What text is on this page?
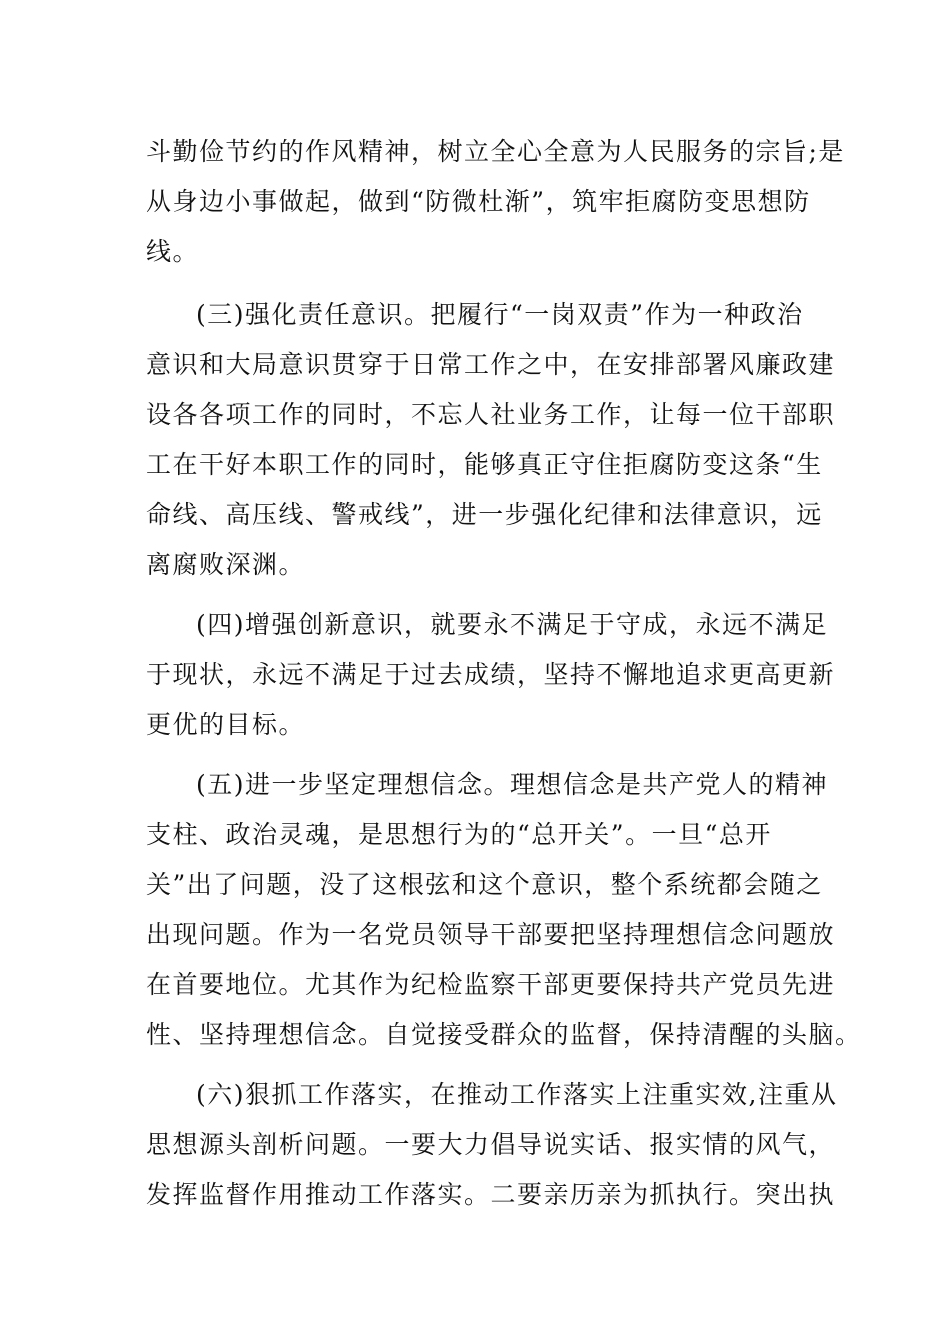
斗勤俭节约的作风精神，树立全心全意为人民服务的宗旨;是
从身边小事做起，做到“防微杜渐”，筑牢拒腐防变思想防
线。
(三)强化责任意识。把履行“一岗双责”作为一种政治
意识和大局意识贯穿于日常工作之中，在安排部署风廉政建
设各各项工作的同时，不忘人社业务工作，让每一位干部职
工在干好本职工作的同时，能够真正守住拒腐防变这条“生
命线、高压线、警戒线”，进一步强化纪律和法律意识，远
离腐败深渊。
(四)增强创新意识，就要永不满足于守成，永远不满足
于现状，永远不满足于过去成绩，坚持不懈地追求更高更新
更优的目标。
(五)进一步坚定理想信念。理想信念是共产党人的精神
支柱、政治灵魂，是思想行为的“总开关”。一旦“总开
关”出了问题，没了这根弦和这个意识，整个系统都会随之
出现问题。作为一名党员领导干部要把坚持理想信念问题放
在首要地位。尤其作为纪检监察干部更要保持共产党员先进
性、坚持理想信念。自觉接受群众的监督，保持清醒的头脑。
(六)狠抓工作落实，在推动工作落实上注重实效,注重从
思想源头剖析问题。一要大力倡导说实话、报实情的风气，
发挥监督作用推动工作落实。二要亲历亲为抓执行。突出执
